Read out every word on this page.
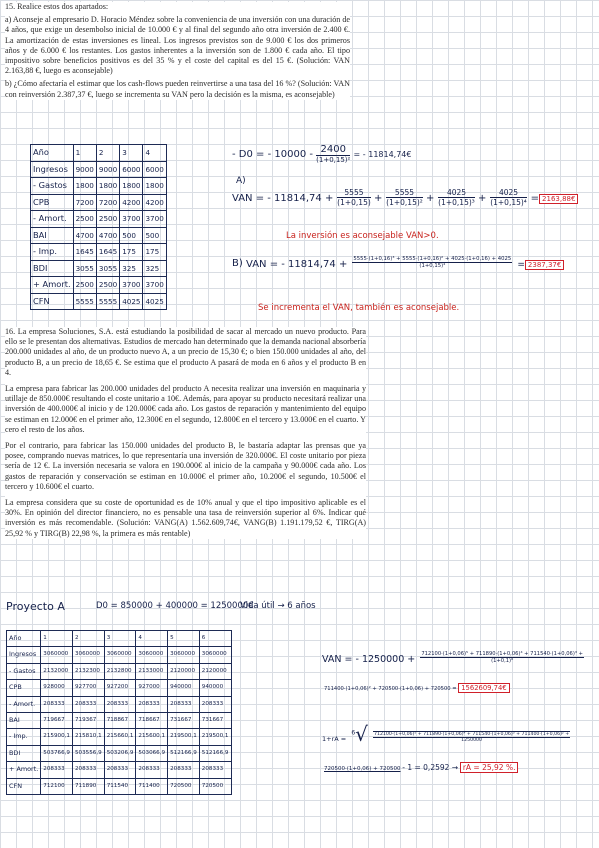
15. Realice estos dos apartados:
a) Aconseje al empresario D. Horacio Méndez sobre la conveniencia de una inversión con una duración de 4 años, que exige un desembolso inicial de 10.000 € y al final del segundo año otra inversión de 2.400 €. La amortización de estas inversiones es lineal. Los ingresos previstos son de 9.000 € los dos primeros años y de 6.000 € los restantes. Los gastos inherentes a la inversión son de 1.800 € cada año. El tipo impositivo sobre beneficios positivos es del 35 % y el coste del capital es del 15 €. (Solución: VAN 2.163,88 €, luego es aconsejable)
b) ¿Cómo afectaría el estimar que los cash-flows pueden reinvertirse a una tasa del 16 %? (Solución: VAN con reinversión 2.387,37 €, luego se incrementa su VAN pero la decisión es la misma, es aconsejable)
Año	1	2	3	4
Ingresos	9000	9000	6000	6000
- Gastos	1800	1800	1800	1800
CPB	7200	7200	4200	4200
- Amort.	2500	2500	3700	3700
BAI	4700	4700	500	500
- Imp.	1645	1645	175	175
BDI	3055	3055	325	325
+ Amort.	2500	2500	3700	3700
CFN	5555	5555	4025	4025
- D0 = - 10000 - 2400
(1+0,15)²
= - 11814,74€
A)
VAN = - $11814,74 + \frac{5555}{(1+0,15)} + \frac{5555}{\text{(1+0,15)²}} + \frac{4025}{\text{(1+0,15)³}} + \frac{4025}{\text{(1+0,15)⁴}}$ = 2163,88€
La inversión es aconsejable VAN>0.
B) VAN = - $11814,74 + \frac{\text{5555·(1+0,16)³ + 5555·(1+0,16)² + 4025·(1+0,16) + 4025}}{\text{(1+0,15)⁴}}$ = 2387,37€
Se incrementa el VAN, también es aconsejable.
16. La empresa Soluciones, S.A. está estudiando la posibilidad de sacar al mercado un nuevo producto. Para ello se le presentan dos alternativas. Estudios de mercado han determinado que la demanda nacional absorbería 200.000 unidades al año, de un producto nuevo A, a un precio de 15,30 €; o bien 150.000 unidades al año, del producto B, a un precio de 18,65 €. Se estima que el producto A pasará de moda en 6 años y el producto B en 4.
La empresa para fabricar las 200.000 unidades del producto A necesita realizar una inversión en maquinaria y utillaje de 850.000€ resultando el coste unitario a 10€. Además, para apoyar su producto necesitará realizar una inversión de 400.000€ al inicio y de 120.000€ cada año. Los gastos de reparación y mantenimiento del equipo se estiman en 12.000€ en el primer año, 12.300€ en el segundo, 12.800€ en el tercero y 13.000€ en el cuarto. Y cero el resto de los años.
Por el contrario, para fabricar las 150.000 unidades del producto B, le bastaría adaptar las prensas que ya posee, comprando nuevas matrices, lo que representaría una inversión de 320.000€. El coste unitario por pieza sería de 12 €. La inversión necesaria se valora en 190.000€ al inicio de la campaña y 90.000€ cada año. Los gastos de reparación y conservación se estiman en 10.000€ el primer año, 10.200€ el segundo, 10.500€ el tercero y 10.600€ el cuarto.
La empresa considera que su coste de oportunidad es de 10% anual y que el tipo impositivo aplicable es el 30%. En opinión del director financiero, no es pensable una tasa de reinversión superior al 6%. Indicar qué inversión es más recomendable. (Solución: VANG(A) 1.562.609,74€, VANG(B) 1.191.179,52 €, TIRG(A) 25,92 % y TIRG(B) 22,98 %, la primera es más rentable)
Proyecto A	D0 = 850000 + 400000 = 1250000€
Vida útil → 6 años
Año	1	2	3	4	5	6
Ingresos	3060000	3060000	3060000	3060000	3060000	3060000
- Gastos	2132000	2132300	2132800	2133000	2120000	2120000
CPB	928000	927700	927200	927000	940000	940000
- Amort.	208333	208333	208333	208333	208333	208333
BAI	719667	719367	718867	718667	731667	731667
- Imp.	215900,1	215810,1	215660,1	215600,1	219500,1	219500,1
BDI	503766,9	503556,9	503206,9	503066,9	512166,9	512166,9
+ Amort.	208333	208333	208333	208333	208333	208333
CFN	712100	711890	711540	711400	720500	720500
VAN = - $1250000 + \frac{\text{712100·(1+0,06)⁵ + 711890·(1+0,06)⁴ + 711540·(1+0,06)³ +}}{\text{(1+0,1)⁶}}$
711400·(1+0,06)² + 720500·(1+0,06) + 720500 = 1562609,74€
1+rA = $^6$√ 712100·(1+0,06)⁵ + 711890·(1+0,06)⁴ + 711540·(1+0,06)³ + 711400·(1+0,06)² +
1250000
720500·(1+0,06) + 720500 - 1 = 0,2592 → rA = 25,92 %.
